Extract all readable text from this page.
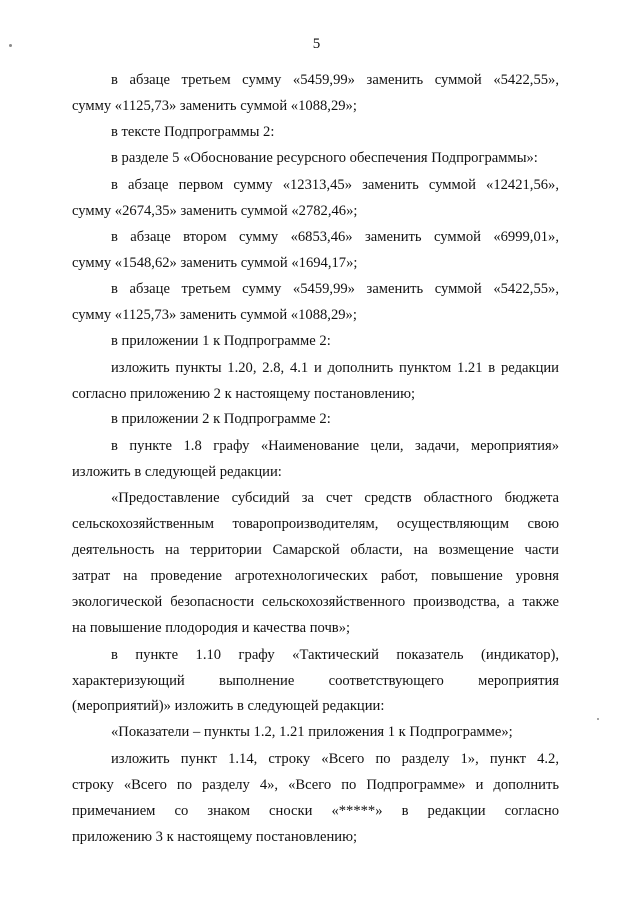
5
в абзаце третьем сумму «5459,99» заменить суммой «5422,55»,
сумму «1125,73» заменить суммой «1088,29»;
в тексте Подпрограммы 2:
в разделе 5 «Обоснование ресурсного обеспечения Подпрограммы»:
в абзаце первом сумму «12313,45» заменить суммой «12421,56»,
сумму «2674,35» заменить суммой «2782,46»;
в абзаце втором сумму «6853,46» заменить суммой «6999,01»,
сумму «1548,62» заменить суммой «1694,17»;
в абзаце третьем сумму «5459,99» заменить суммой «5422,55»,
сумму «1125,73» заменить суммой «1088,29»;
в приложении 1 к Подпрограмме 2:
изложить пункты 1.20, 2.8, 4.1 и дополнить пунктом 1.21 в редакции
согласно приложению 2 к настоящему постановлению;
в приложении 2 к Подпрограмме 2:
в пункте 1.8 графу «Наименование цели, задачи, мероприятия»
изложить в следующей редакции:
«Предоставление субсидий за счет средств областного бюджета
сельскохозяйственным товаропроизводителям, осуществляющим свою
деятельность на территории Самарской области, на возмещение части
затрат на проведение агротехнологических работ, повышение уровня
экологической безопасности сельскохозяйственного производства, а также
на повышение плодородия и качества почв»;
в пункте 1.10 графу «Тактический показатель (индикатор),
характеризующий выполнение соответствующего мероприятия
(мероприятий)» изложить в следующей редакции:
«Показатели – пункты 1.2, 1.21 приложения 1 к Подпрограмме»;
изложить пункт 1.14, строку «Всего по разделу 1», пункт 4.2,
строку «Всего по разделу 4», «Всего по Подпрограмме» и дополнить
примечанием со знаком сноски «*****» в редакции согласно
приложению 3 к настоящему постановлению;
